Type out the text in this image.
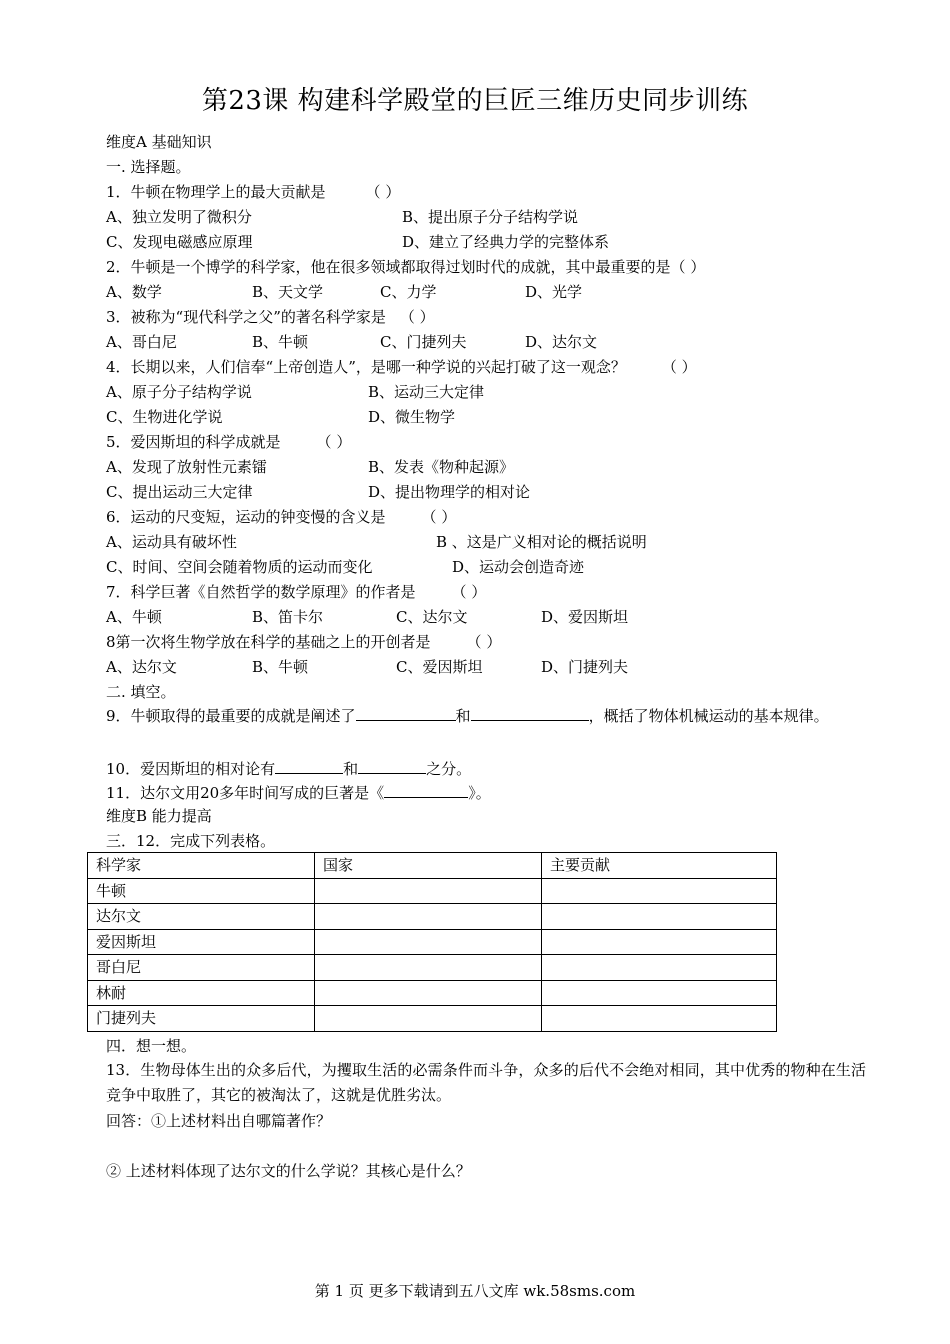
第23课 构建科学殿堂的巨匠三维历史同步训练
维度A 基础知识
一. 选择题。
1．牛顿在物理学上的最大贡献是	（ ）
A、独立发明了微积分	B、提出原子分子结构学说
C、发现电磁感应原理	D、建立了经典力学的完整体系
2．牛顿是一个博学的科学家，他在很多领域都取得过划时代的成就，其中最重要的是（ ）
A、数学	B、天文学	C、力学	D、光学
3．被称为“现代科学之父”的著名科学家是 （ ）
A、哥白尼	B、牛顿	C、门捷列夫	D、达尔文
4．长期以来，人们信奉“上帝创造人”，是哪一种学说的兴起打破了这一观念？ （ ）
A、原子分子结构学说	B、运动三大定律
C、生物进化学说	D、微生物学
5．爱因斯坦的科学成就是 （ ）
A、发现了放射性元素镭	B、发表《物种起源》
C、提出运动三大定律	D、提出物理学的相对论
6．运动的尺变短，运动的钟变慢的含义是 （ ）
A、运动具有破坏性	B 、这是广义相对论的概括说明
C、时间、空间会随着物质的运动而变化	D、运动会创造奇迹
7．科学巨著《自然哲学的数学原理》的作者是 （ ）
A、牛顿	B、笛卡尔	C、达尔文	D、爱因斯坦
8第一次将生物学放在科学的基础之上的开创者是 （ ）
A、达尔文	B、牛顿	C、爱因斯坦	D、门捷列夫
二. 填空。
9．牛顿取得的最重要的成就是阐述了	和	，概括了物体机械运动的基本规律。
10．爱因斯坦的相对论有	和	之分。
11．达尔文用20多年时间写成的巨著是《	》。
维度B 能力提高
三．12．完成下列表格。
科学家	国家	主要贡献
牛顿		
达尔文		
爱因斯坦		
哥白尼		
林耐		
门捷列夫		
四．想一想。
13．生物母体生出的众多后代，为攫取生活的必需条件而斗争，众多的后代不会绝对相同，其中优秀的物种在生活竞争中取胜了，其它的被淘汰了，这就是优胜劣汰。
回答：①上述材料出自哪篇著作？
② 上述材料体现了达尔文的什么学说？其核心是什么？
第 1 页 更多下载请到五八文库 wk.58sms.com
